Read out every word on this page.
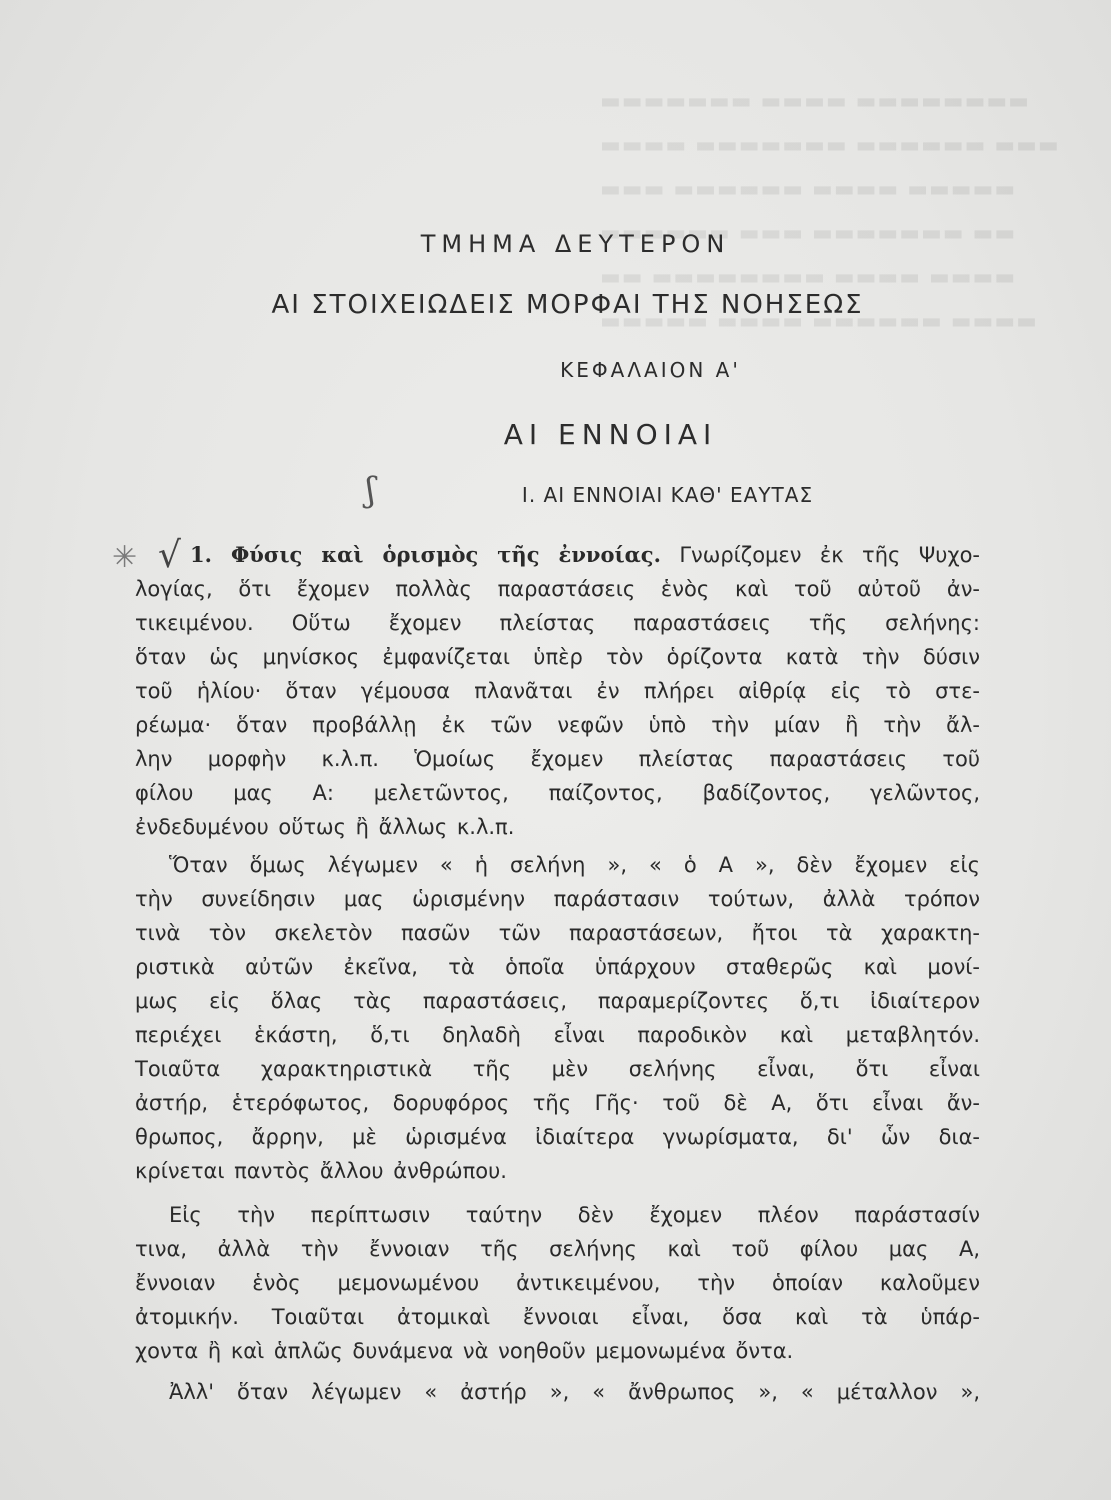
▬▬▬▬▬▬▬ ▬▬▬▬ ▬▬▬▬▬▬▬▬
▬▬▬▬ ▬▬▬▬▬▬▬ ▬▬▬▬▬▬ ▬▬▬
▬▬▬ ▬▬▬▬▬▬ ▬▬▬▬ ▬▬▬▬▬
▬▬▬▬▬▬ ▬▬▬ ▬▬▬▬▬▬▬ ▬▬
▬▬ ▬▬▬▬▬▬▬▬ ▬▬▬▬ ▬▬▬▬
▬▬▬▬▬ ▬▬▬▬ ▬▬▬▬▬▬ ▬▬▬▬
✳ √
ʃ
ΤΜΗΜΑ ΔΕΥΤΕΡΟΝ
ΑΙ ΣΤΟΙΧΕΙΩΔΕΙΣ ΜΟΡΦΑΙ ΤΗΣ ΝΟΗΣΕΩΣ
ΚΕΦΑΛΑΙΟΝ Α'
ΑΙ ΕΝΝΟΙΑΙ
Ι. ΑΙ ΕΝΝΟΙΑΙ ΚΑΘ' ΕΑΥΤΑΣ
1. Φύσις καὶ ὁρισμὸς τῆς ἐννοίας. Γνωρίζομεν ἐκ τῆς Ψυχο-
λογίας, ὅτι ἔχομεν πολλὰς παραστάσεις ἑνὸς καὶ τοῦ αὐτοῦ ἀν-
τικειμένου. Οὕτω ἔχομεν πλείστας παραστάσεις τῆς σελήνης:
ὅταν ὡς μηνίσκος ἐμφανίζεται ὑπὲρ τὸν ὁρίζοντα κατὰ τὴν δύσιν
τοῦ ἡλίου· ὅταν γέμουσα πλανᾶται ἐν πλήρει αἰθρίᾳ εἰς τὸ στε-
ρέωμα· ὅταν προβάλλῃ ἐκ τῶν νεφῶν ὑπὸ τὴν μίαν ἢ τὴν ἄλ-
λην μορφὴν κ.λ.π. Ὁμοίως ἔχομεν πλείστας παραστάσεις τοῦ
φίλου μας Α: μελετῶντος, παίζοντος, βαδίζοντος, γελῶντος,
ἐνδεδυμένου οὕτως ἢ ἄλλως κ.λ.π.
Ὅταν ὅμως λέγωμεν « ἡ σελήνη », « ὁ Α », δὲν ἔχομεν εἰς
τὴν συνείδησιν μας ὡρισμένην παράστασιν τούτων, ἀλλὰ τρόπον
τινὰ τὸν σκελετὸν πασῶν τῶν παραστάσεων, ἤτοι τὰ χαρακτη-
ριστικὰ αὐτῶν ἐκεῖνα, τὰ ὁποῖα ὑπάρχουν σταθερῶς καὶ μονί-
μως εἰς ὅλας τὰς παραστάσεις, παραμερίζοντες ὅ,τι ἰδιαίτερον
περιέχει ἑκάστη, ὅ,τι δηλαδὴ εἶναι παροδικὸν καὶ μεταβλητόν.
Τοιαῦτα χαρακτηριστικὰ τῆς μὲν σελήνης εἶναι, ὅτι εἶναι
ἀστήρ, ἑτερόφωτος, δορυφόρος τῆς Γῆς· τοῦ δὲ Α, ὅτι εἶναι ἄν-
θρωπος, ἄρρην, μὲ ὡρισμένα ἰδιαίτερα γνωρίσματα, δι' ὧν δια-
κρίνεται παντὸς ἄλλου ἀνθρώπου.
Εἰς τὴν περίπτωσιν ταύτην δὲν ἔχομεν πλέον παράστασίν
τινα, ἀλλὰ τὴν ἔννοιαν τῆς σελήνης καὶ τοῦ φίλου μας Α,
ἔννοιαν ἑνὸς μεμονωμένου ἀντικειμένου, τὴν ὁποίαν καλοῦμεν
ἀτομικήν. Τοιαῦται ἀτομικαὶ ἔννοιαι εἶναι, ὅσα καὶ τὰ ὑπάρ-
χοντα ἢ καὶ ἁπλῶς δυνάμενα νὰ νοηθοῦν μεμονωμένα ὄντα.
Ἀλλ' ὅταν λέγωμεν « ἀστήρ », « ἄνθρωπος », « μέταλλον »,
